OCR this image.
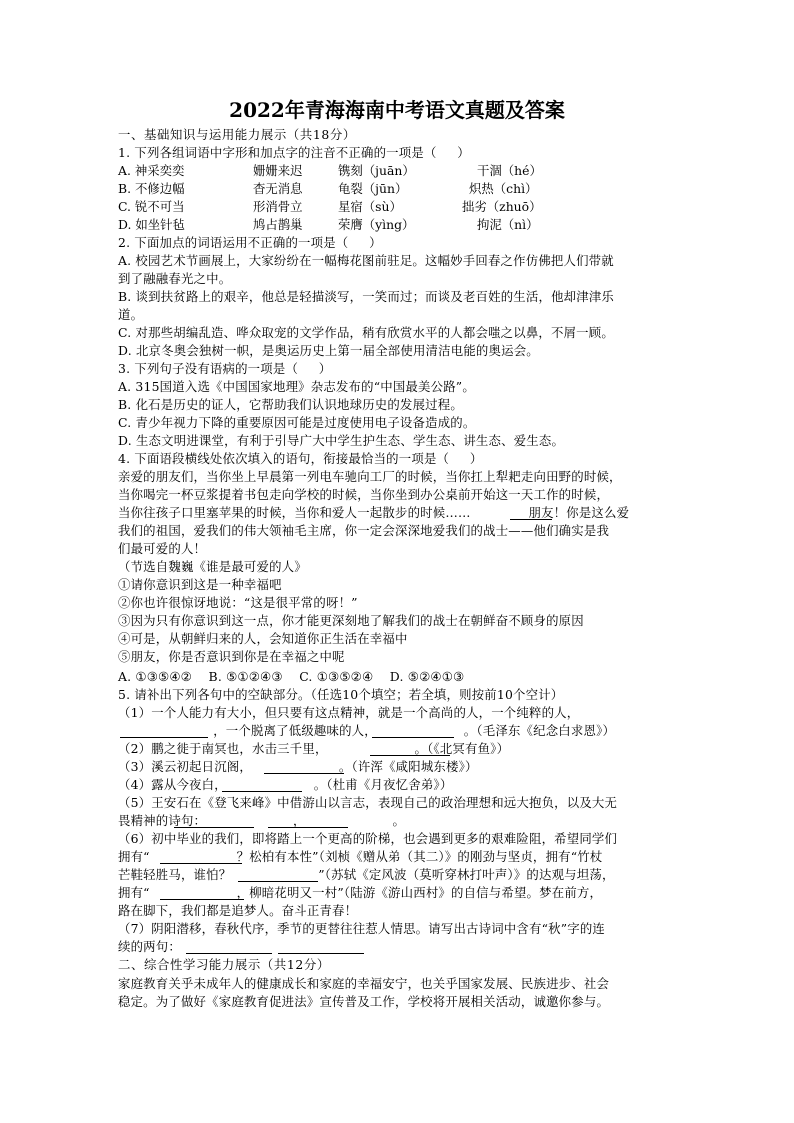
2022年青海海南中考语文真题及答案
一、基础知识与运用能力展示（共18分）
1. 下列各组词语中字形和加点字的注音不正确的一项是（     ）
A. 神采奕奕	姗姗来迟	镌刻（juān）	干涸（hé）
B. 不修边幅	杳无消息	龟裂（jūn）	炽热（chì）
C. 锐不可当	形消骨立	星宿（sù）	拙劣（zhuō）
D. 如坐针毡	鸠占鹊巢	荣膺（yìng）	拘泥（nì）
2. 下面加点的词语运用不正确的一项是（     ）
A. 校园艺术节画展上，大家纷纷在一幅梅花图前驻足。这幅妙手回春之作仿佛把人们带就
到了融融春光之中。
B. 谈到扶贫路上的艰辛，他总是轻描淡写，一笑而过；而谈及老百姓的生活，他却津津乐
道。
C. 对那些胡编乱造、哗众取宠的文学作品，稍有欣赏水平的人都会嗤之以鼻，不屑一顾。
D. 北京冬奥会独树一帜，是奥运历史上第一届全部使用清洁电能的奥运会。
3. 下列句子没有语病的一项是（     ）
A. 315国道入选《中国国家地理》杂志发布的“中国最美公路”。
B. 化石是历史的证人，它帮助我们认识地球历史的发展过程。
C. 青少年视力下降的重要原因可能是过度使用电子设备造成的。
D. 生态文明进课堂，有利于引导广大中学生护生态、学生态、讲生态、爱生态。
4. 下面语段横线处依次填入的语句，衔接最恰当的一项是（     ）
亲爱的朋友们，当你坐上早晨第一列电车驰向工厂的时候，当你扛上犁耙走向田野的时候，
当你喝完一杯豆浆提着书包走向学校的时候，当你坐到办公桌前开始这一天工作的时候，
当你往孩子口里塞苹果的时候，当你和爱人一起散步的时候……              朋友！你是这么爱
我们的祖国，爱我们的伟大领袖毛主席，你一定会深深地爱我们的战士——他们确实是我
们最可爱的人！
（节选自魏巍《谁是最可爱的人》
①请你意识到这是一种幸福吧
②你也许很惊讶地说：“这是很平常的呀！”
③因为只有你意识到这一点，你才能更深刻地了解我们的战士在朝鲜奋不顾身的原因
④可是，从朝鲜归来的人，会知道你正生活在幸福中
⑤朋友，你是否意识到你是在幸福之中呢
A. ①③⑤④②    B. ⑤①②④③    C. ①③⑤②④    D. ⑤②④①③
5. 请补出下列各句中的空缺部分。（任选10个填空；若全填，则按前10个空计）
（1）一个人能力有大小，但只要有这点精神，就是一个高尚的人，一个纯粹的人，
，一个脱离了低级趣味的人，                     。（毛泽东《纪念白求恩》）
（2）鹏之徙于南冥也，水击三千里，                     。（《北冥有鱼》）
（3）溪云初起日沉阁，                     。（许浑《咸阳城东楼》）
（4）露从今夜白，                     。（杜甫《月夜忆舍弟》）
（5）王安石在《登飞来峰》中借游山以言志，表现自己的政治理想和远大抱负，以及大无
畏精神的诗句：                     ，                     。
（6）初中毕业的我们，即将踏上一个更高的阶梯，也会遇到更多的艰难险阻，希望同学们
拥有“                     ？松柏有本性”（刘桢《赠从弟（其二）》的刚劲与坚贞，拥有“竹杖
芒鞋轻胜马，谁怕？                     ”（苏轼《定风波（莫听穿林打叶声）》的达观与坦荡，
拥有“                     ，柳暗花明又一村”（陆游《游山西村》的自信与希望。梦在前方，
路在脚下，我们都是追梦人。奋斗正青春！
（7）阴阳潜移，春秋代序，季节的更替往往惹人情思。请写出古诗词中含有“秋”字的连
续的两句：
二、综合性学习能力展示（共12分）
家庭教育关乎未成年人的健康成长和家庭的幸福安宁，也关乎国家发展、民族进步、社会
稳定。为了做好《家庭教育促进法》宣传普及工作，学校将开展相关活动，诚邀你参与。
